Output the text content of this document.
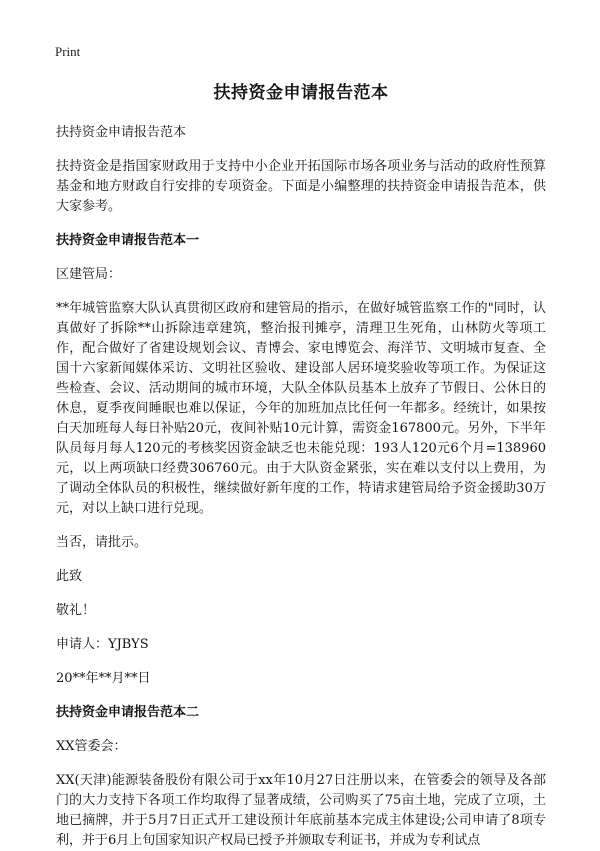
Print
扶持资金申请报告范本

扶持资金申请报告范本

扶持资金是指国家财政用于支持中小企业开拓国际市场各项业务与活动的政府性预算基金和地方财政自行安排的专项资金。下面是小编整理的扶持资金申请报告范本，供大家参考。

扶持资金申请报告范本一

区建管局：

**年城管监察大队认真贯彻区政府和建管局的指示，在做好城管监察工作的"同时，认真做好了拆除**山拆除违章建筑，整治报刊摊亭，清理卫生死角，山林防火等项工作，配合做好了省建设规划会议、青博会、家电博览会、海洋节、文明城市复查、全国十六家新闻媒体采访、文明社区验收、建设部人居环境奖验收等项工作。为保证这些检查、会议、活动期间的城市环境，大队全体队员基本上放弃了节假日、公休日的休息，夏季夜间睡眠也难以保证，今年的加班加点比任何一年都多。经统计，如果按白天加班每人每日补贴20元，夜间补贴10元计算，需资金167800元。另外，下半年队员每月每人120元的考核奖因资金缺乏也未能兑现：193人120元6个月=138960元，以上两项缺口经费306760元。由于大队资金紧张，实在难以支付以上费用，为了调动全体队员的积极性，继续做好新年度的工作，特请求建管局给予资金援助30万元，对以上缺口进行兑现。

当否，请批示。

此致

敬礼！

申请人：YJBYS

20**年**月**日

扶持资金申请报告范本二

XX管委会：

XX(天津)能源装备股份有限公司于xx年10月27日注册以来，在管委会的领导及各部门的大力支持下各项工作均取得了显著成绩，公司购买了75亩土地，完成了立项，土地已摘牌，并于5月7日正式开工建设预计年底前基本完成主体建设;公司申请了8项专利，并于6月上旬国家知识产权局已授予并颁取专利证书，并成为专利试点
